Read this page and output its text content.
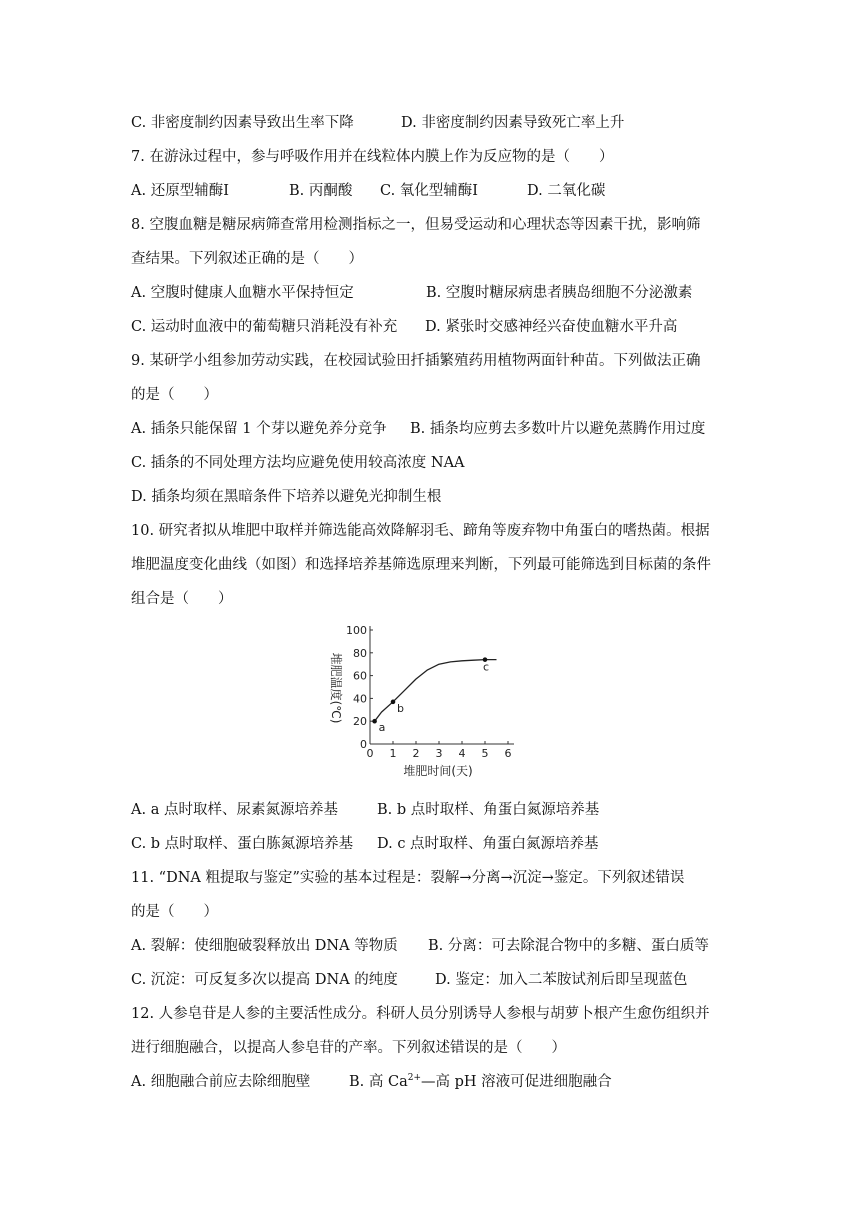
C. 非密度制约因素导致出生率下降	D. 非密度制约因素导致死亡率上升
7. 在游泳过程中，参与呼吸作用并在线粒体内膜上作为反应物的是（　　）
A. 还原型辅酶Ⅰ	B. 丙酮酸 C. 氧化型辅酶Ⅰ	D. 二氧化碳
8. 空腹血糖是糖尿病筛查常用检测指标之一，但易受运动和心理状态等因素干扰，影响筛
查结果。下列叙述正确的是（　　）
A. 空腹时健康人血糖水平保持恒定	B. 空腹时糖尿病患者胰岛细胞不分泌激素
C. 运动时血液中的葡萄糖只消耗没有补充 D. 紧张时交感神经兴奋使血糖水平升高
9. 某研学小组参加劳动实践，在校园试验田扦插繁殖药用植物两面针种苗。下列做法正确
的是（　　）
A. 插条只能保留 1 个芽以避免养分竞争 B. 插条均应剪去多数叶片以避免蒸腾作用过度
C. 插条的不同处理方法均应避免使用较高浓度 NAA
D. 插条均须在黑暗条件下培养以避免光抑制生根
10. 研究者拟从堆肥中取样并筛选能高效降解羽毛、蹄角等废弃物中角蛋白的嗜热菌。根据
堆肥温度变化曲线（如图）和选择培养基筛选原理来判断，下列最可能筛选到目标菌的条件
组合是（　　）
A. a 点时取样、尿素氮源培养基	B. b 点时取样、角蛋白氮源培养基
C. b 点时取样、蛋白胨氮源培养基 D. c 点时取样、角蛋白氮源培养基
11. “DNA 粗提取与鉴定”实验的基本过程是：裂解→分离→沉淀→鉴定。下列叙述错误
的是（　　）
A. 裂解：使细胞破裂释放出 DNA 等物质 B. 分离：可去除混合物中的多糖、蛋白质等
C. 沉淀：可反复多次以提高 DNA 的纯度	D. 鉴定：加入二苯胺试剂后即呈现蓝色
12. 人参皂苷是人参的主要活性成分。科研人员分别诱导人参根与胡萝卜根产生愈伤组织并
进行细胞融合，以提高人参皂苷的产率。下列叙述错误的是（　　）
A. 细胞融合前应去除细胞壁	B. 高 $Ca^{2+}—$高 pH 溶液可促进细胞融合
0 1 2 3 4 5 6
0
20
40
60
80
100
a
b
c
堆肥时间(天)
堆肥温度(℃)
